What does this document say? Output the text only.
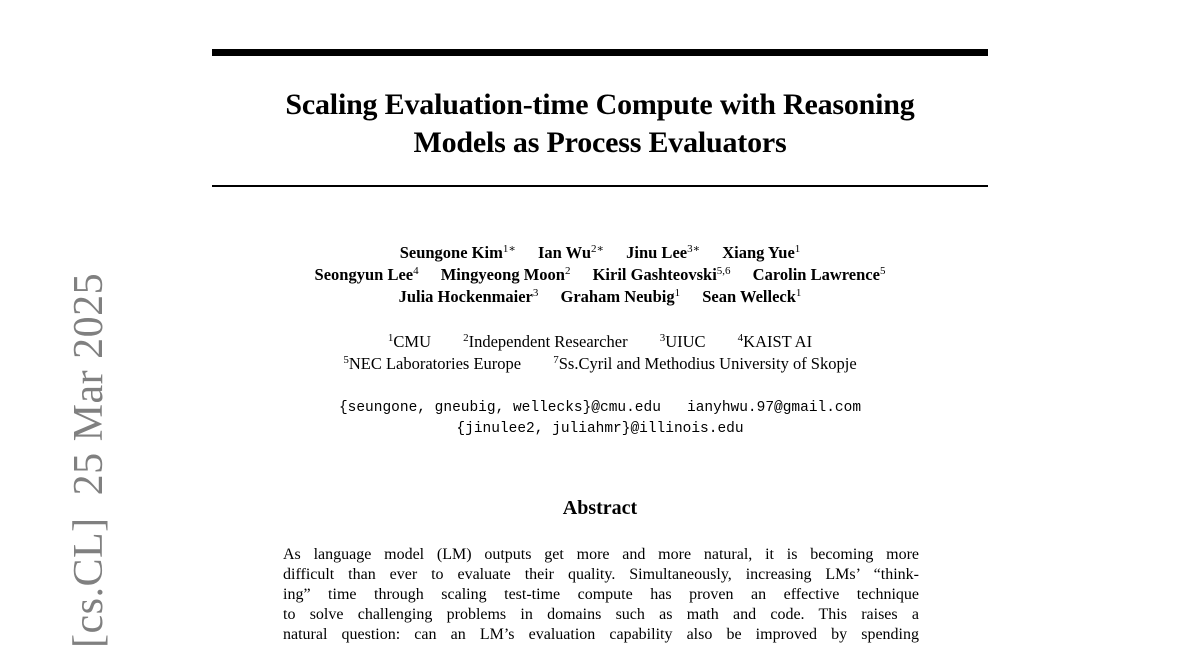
Scaling Evaluation-time Compute with Reasoning
Models as Process Evaluators
Seungone Kim$^{1∗}$ Ian $Wu^{2∗}$ Jinu Lee$^{3∗}$ Xiang Yue$^1$
Seongyun Lee$^4$ Mingyeong Moon$^2$ Kiril Gashteovski$^{5,6}$ Carolin Lawrence$^5$
Julia Hockenmaier$^3$ Graham Neubig$^1$ Sean Welleck$^1$
$^1$CMU	$^2$Independent Researcher	$^3$UIUC	$^4$KAIST AI
$^5$NEC Laboratories Europe	$^7$Ss.Cyril and Methodius University of Skopje
{seungone, gneubig, wellecks}@cmu.edu   ianyhwu.97@gmail.com
{jinulee2, juliahmr}@illinois.edu
Abstract
As language model (LM) outputs get more and more natural, it is becoming more
difficult than ever to evaluate their quality. Simultaneously, increasing LMs’ “think-
ing” time through scaling test-time compute has proven an effective technique
to solve challenging problems in domains such as math and code. This raises a
natural question: can an LM’s evaluation capability also be improved by spending
[cs.CL]  25 Mar 2025
